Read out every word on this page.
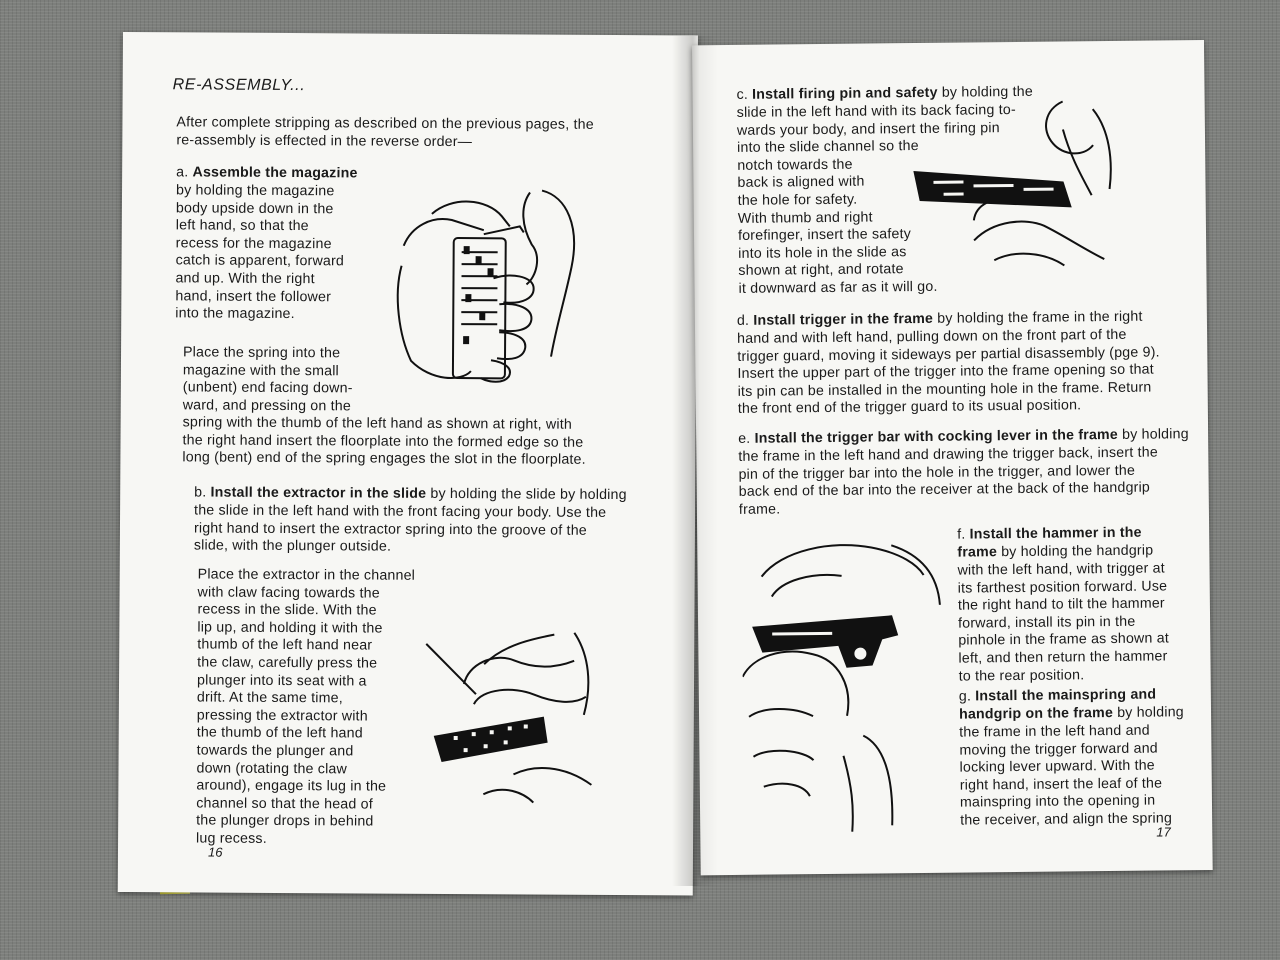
RE-ASSEMBLY...
After complete stripping as described on the previous pages, the
re-assembly is effected in the reverse order—
a. Assemble the magazine
by holding the magazine
body upside down in the
left hand, so that the
recess for the magazine
catch is apparent, forward
and up. With the right
hand, insert the follower
into the magazine.
Place the spring into the
magazine with the small
(unbent) end facing down-
ward, and pressing on the
spring with the thumb of the left hand as shown at right, with
the right hand insert the floorplate into the formed edge so the
long (bent) end of the spring engages the slot in the floorplate.
b. Install the extractor in the slide by holding the slide by holding
the slide in the left hand with the front facing your body. Use the
right hand to insert the extractor spring into the groove of the
slide, with the plunger outside.
Place the extractor in the channel
with claw facing towards the
recess in the slide. With the
lip up, and holding it with the
thumb of the left hand near
the claw, carefully press the
plunger into its seat with a
drift. At the same time,
pressing the extractor with
the thumb of the left hand
towards the plunger and
down (rotating the claw
around), engage its lug in the
channel so that the head of
the plunger drops in behind
lug recess.
16
c. Install firing pin and safety by holding the
slide in the left hand with its back facing to-
wards your body, and insert the firing pin
into the slide channel so the
notch towards the
back is aligned with
the hole for safety.
With thumb and right
forefinger, insert the safety
into its hole in the slide as
shown at right, and rotate
it downward as far as it will go.
d. Install trigger in the frame by holding the frame in the right
hand and with left hand, pulling down on the front part of the
trigger guard, moving it sideways per partial disassembly (pge 9).
Insert the upper part of the trigger into the frame opening so that
its pin can be installed in the mounting hole in the frame. Return
the front end of the trigger guard to its usual position.
e. Install the trigger bar with cocking lever in the frame by holding
the frame in the left hand and drawing the trigger back, insert the
pin of the trigger bar into the hole in the trigger, and lower the
back end of the bar into the receiver at the back of the handgrip
frame.
f. Install the hammer in the
frame by holding the handgrip
with the left hand, with trigger at
its farthest position forward. Use
the right hand to tilt the hammer
forward, install its pin in the
pinhole in the frame as shown at
left, and then return the hammer
to the rear position.
g. Install the mainspring and
handgrip on the frame by holding
the frame in the left hand and
moving the trigger forward and
locking lever upward. With the
right hand, insert the leaf of the
mainspring into the opening in
the receiver, and align the spring
17
